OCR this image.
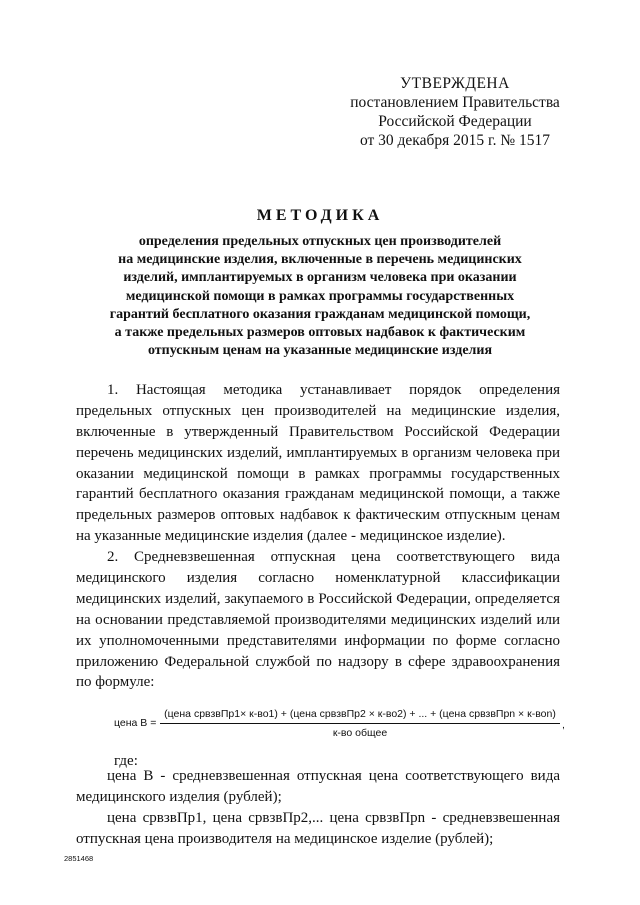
УТВЕРЖДЕНА
постановлением Правительства
Российской Федерации
от 30 декабря 2015 г. № 1517
МЕТОДИКА
определения предельных отпускных цен производителей
на медицинские изделия, включенные в перечень медицинских
изделий, имплантируемых в организм человека при оказании
медицинской помощи в рамках программы государственных
гарантий бесплатного оказания гражданам медицинской помощи,
а также предельных размеров оптовых надбавок к фактическим
отпускным ценам на указанные медицинские изделия
1. Настоящая методика устанавливает порядок определения
предельных отпускных цен производителей на медицинские изделия,
включенные в утвержденный Правительством Российской Федерации
перечень медицинских изделий, имплантируемых в организм человека при
оказании медицинской помощи в рамках программы государственных
гарантий бесплатного оказания гражданам медицинской помощи, а также
предельных размеров оптовых надбавок к фактическим отпускным ценам
на указанные медицинские изделия (далее - медицинское изделие).
2. Средневзвешенная отпускная цена соответствующего вида
медицинского изделия согласно номенклатурной классификации
медицинских изделий, закупаемого в Российской Федерации, определяется
на основании представляемой производителями медицинских изделий или
их уполномоченными представителями информации по форме согласно
приложению Федеральной службой по надзору в сфере здравоохранения
по формуле:
цена В =
(цена срвзвПр1× к-во1) + (цена срвзвПр2 × к-во2) + ... + (цена срвзвПрn × к-воn)
к-во общее
,
где:
цена В - средневзвешенная отпускная цена соответствующего вида
медицинского изделия (рублей);
цена срвзвПр1, цена срвзвПр2,... цена срвзвПрn - средневзвешенная
отпускная цена производителя на медицинское изделие (рублей);
2851468
